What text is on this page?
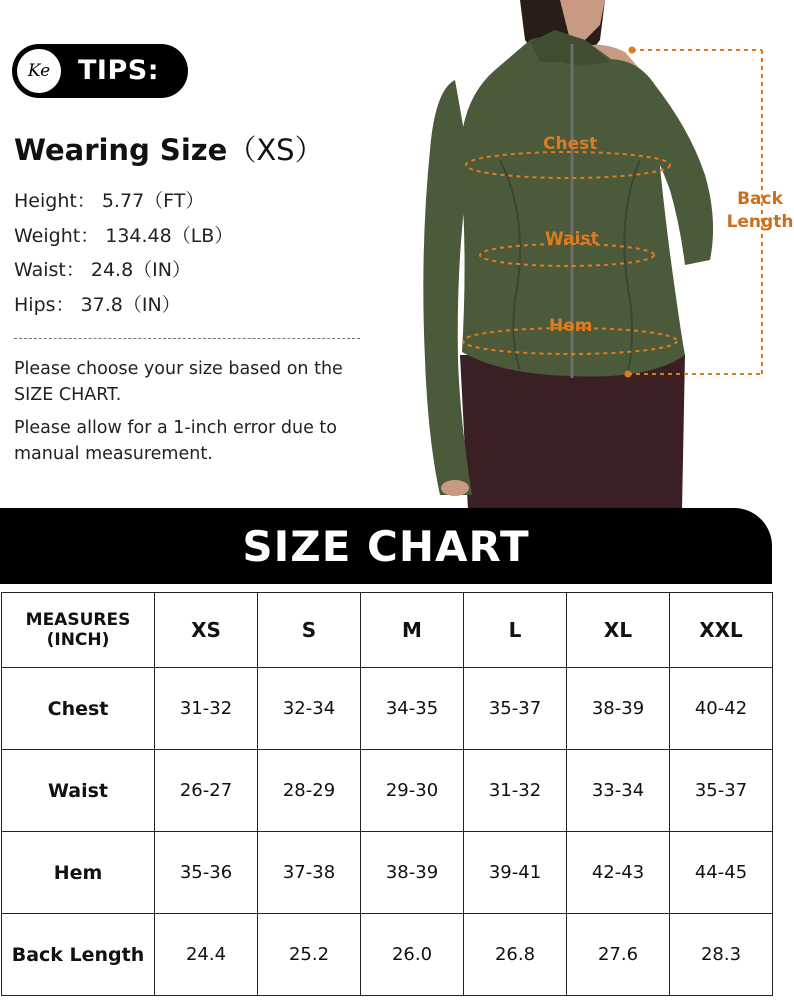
Ke	TIPS:
Wearing Size（XS）
Height： 5.77（FT）
Weight： 134.48（LB）
Waist： 24.8（IN）
Hips： 37.8（IN）
Please choose your size based on the SIZE CHART.
Please allow for a 1-inch error due to manual measurement.
Chest
Waist
Hem
Back
Length
SIZE CHART
MEASURES
(INCH)	XS	S	M	L	XL	XXL
Chest	31-32	32-34	34-35	35-37	38-39	40-42
Waist	26-27	28-29	29-30	31-32	33-34	35-37
Hem	35-36	37-38	38-39	39-41	42-43	44-45
Back Length	24.4	25.2	26.0	26.8	27.6	28.3
